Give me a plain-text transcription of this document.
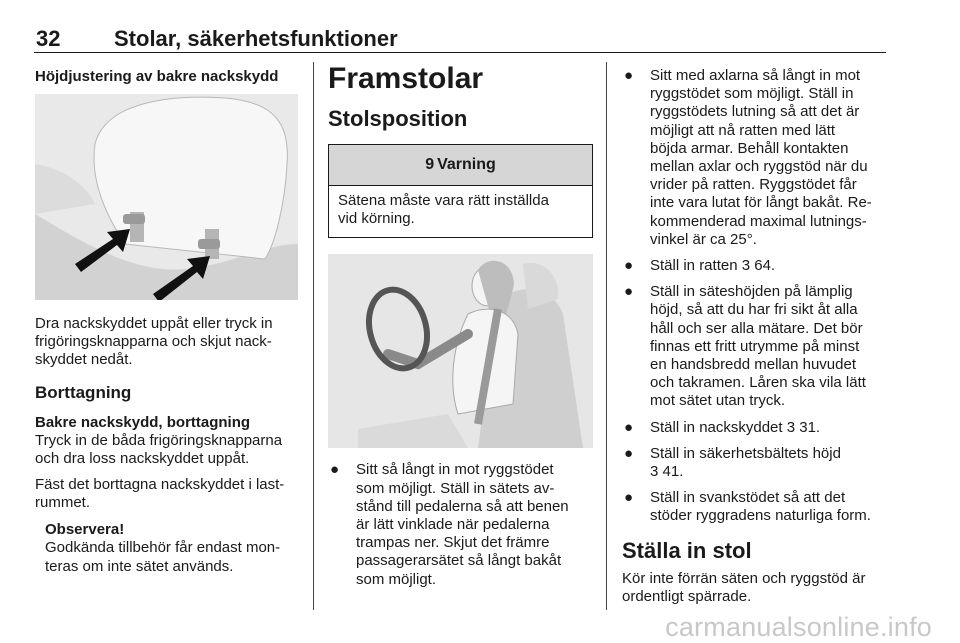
32 Stolar, säkerhetsfunktioner
Höjdjustering av bakre nackskydd
Dra nackskyddet uppåt eller tryck in
frigöringsknapparna och skjut nack-
skyddet nedåt.
Borttagning
Bakre nackskydd, borttagning
Tryck in de båda frigöringsknapparna
och dra loss nackskyddet uppåt.
Fäst det borttagna nackskyddet i last-
rummet.
Observera!
Godkända tillbehör får endast mon-
teras om inte sätet används.
Framstolar
Stolsposition
9 Varning
Sätena måste vara rätt inställda
vid körning.
● Sitt så långt in mot ryggstödet
som möjligt. Ställ in sätets av-
stånd till pedalerna så att benen
är lätt vinklade när pedalerna
trampas ner. Skjut det främre
passagerarsätet så långt bakåt
som möjligt.
● Sitt med axlarna så långt in mot
ryggstödet som möjligt. Ställ in
ryggstödets lutning så att det är
möjligt att nå ratten med lätt
böjda armar. Behåll kontakten
mellan axlar och ryggstöd när du
vrider på ratten. Ryggstödet får
inte vara lutat för långt bakåt. Re-
kommenderad maximal lutnings-
vinkel är ca 25°.
● Ställ in ratten 3 64.
● Ställ in säteshöjden på lämplig
höjd, så att du har fri sikt åt alla
håll och ser alla mätare. Det bör
finnas ett fritt utrymme på minst
en handsbredd mellan huvudet
och takramen. Låren ska vila lätt
mot sätet utan tryck.
● Ställ in nackskyddet 3 31.
● Ställ in säkerhetsbältets höjd
3 41.
● Ställ in svankstödet så att det
stöder ryggradens naturliga form.
Ställa in stol
Kör inte förrän säten och ryggstöd är
ordentligt spärrade.
carmanualsonline.info
